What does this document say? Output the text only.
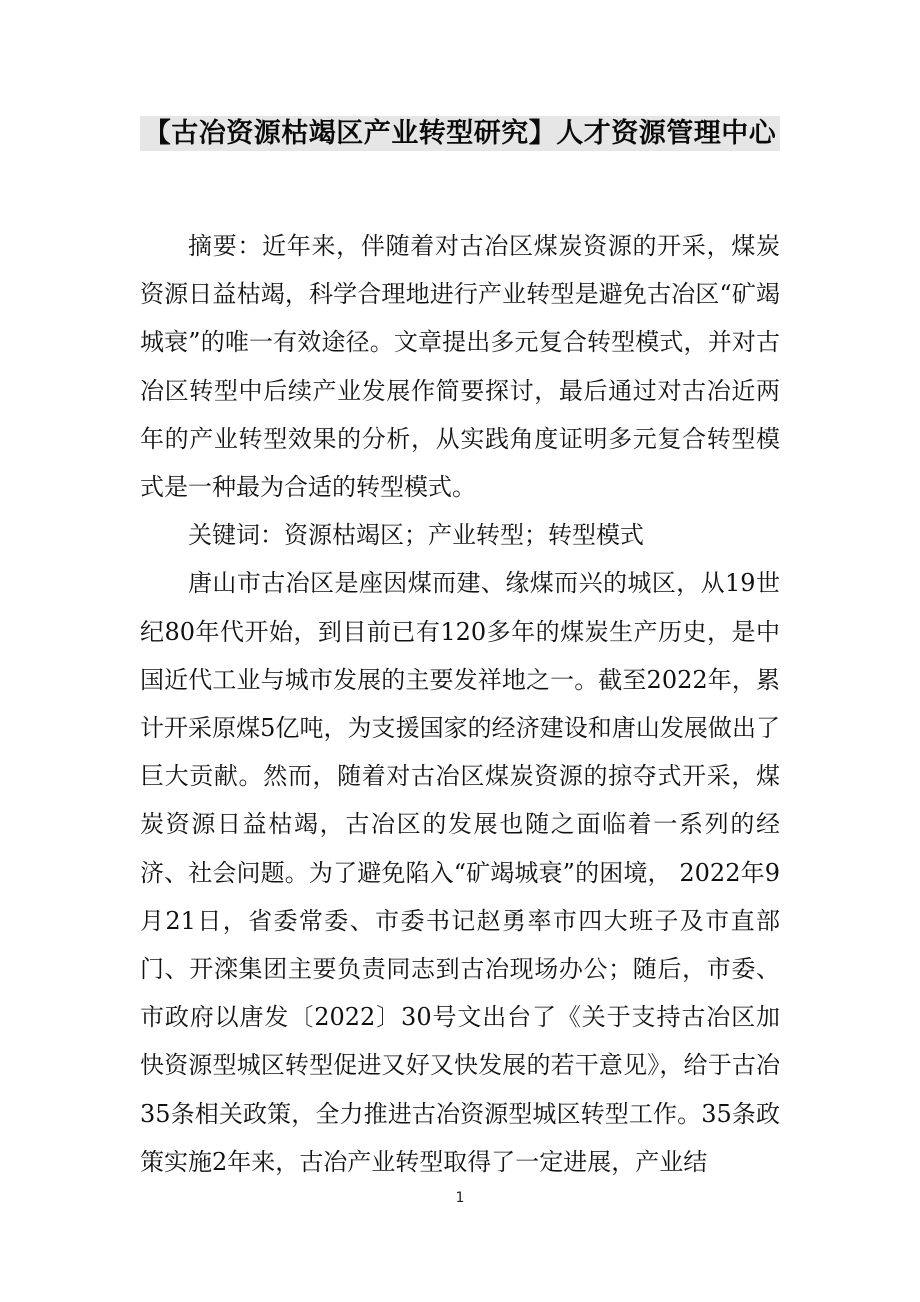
【古冶资源枯竭区产业转型研究】人才资源管理中心

摘要：近年来，伴随着对古冶区煤炭资源的开采，煤炭资源日益枯竭，科学合理地进行产业转型是避免古冶区“矿竭城衰”的唯一有效途径。文章提出多元复合转型模式，并对古冶区转型中后续产业发展作简要探讨，最后通过对古冶近两年的产业转型效果的分析，从实践角度证明多元复合转型模式是一种最为合适的转型模式。

关键词：资源枯竭区；产业转型；转型模式

唐山市古冶区是座因煤而建、缘煤而兴的城区，从19世纪80年代开始，到目前已有120多年的煤炭生产历史，是中国近代工业与城市发展的主要发祥地之一。截至2022年，累计开采原煤5亿吨，为支援国家的经济建设和唐山发展做出了巨大贡献。然而，随着对古冶区煤炭资源的掠夺式开采，煤炭资源日益枯竭，古冶区的发展也随之面临着一系列的经济、社会问题。为了避免陷入“矿竭城衰”的困境， 2022年9月21日，省委常委、市委书记赵勇率市四大班子及市直部门、开滦集团主要负责同志到古冶现场办公；随后，市委、市政府以唐发〔2022〕30号文出台了《关于支持古冶区加快资源型城区转型促进又好又快发展的若干意见》，给于古冶35条相关政策，全力推进古冶资源型城区转型工作。35条政策实施2年来，古冶产业转型取得了一定进展，产业结

1
